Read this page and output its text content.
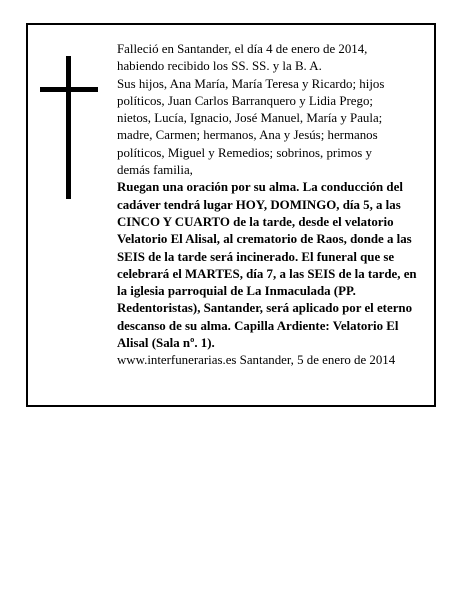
Falleció en Santander, el día 4 de enero de 2014,

habiendo recibido los SS. SS. y la B. A.

Sus hijos, Ana María, María Teresa y Ricardo; hijos

políticos, Juan Carlos Barranquero y Lidia Prego;

nietos, Lucía, Ignacio, José Manuel, María y Paula;

madre, Carmen; hermanos, Ana y Jesús; hermanos

políticos, Miguel y Remedios; sobrinos, primos y

demás familia,

Ruegan una oración por su alma. La conducción del

cadáver tendrá lugar HOY, DOMINGO, día 5, a las

CINCO Y CUARTO de la tarde, desde el velatorio

Velatorio El Alisal, al crematorio de Raos, donde a las

SEIS de la tarde será incinerado. El funeral que se

celebrará el MARTES, día 7, a las SEIS de la tarde, en

la iglesia parroquial de La Inmaculada (PP.

Redentoristas), Santander, será aplicado por el eterno

descanso de su alma. Capilla Ardiente: Velatorio El

Alisal (Sala nº. 1).

www.interfunerarias.es Santander, 5 de enero de 2014
